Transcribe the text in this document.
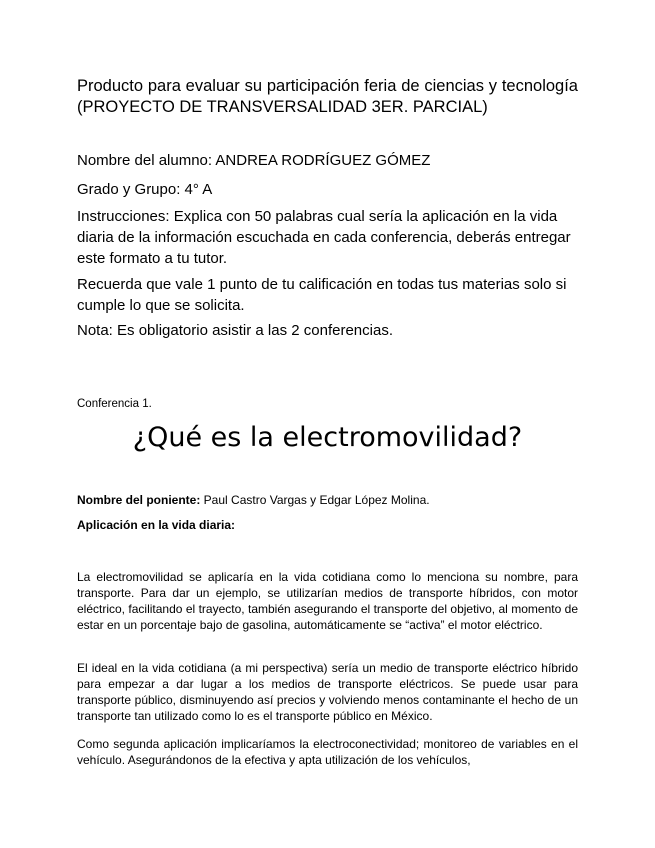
Producto para evaluar su participación feria de ciencias y tecnología (PROYECTO DE TRANSVERSALIDAD 3ER. PARCIAL)

Nombre del alumno: ANDREA RODRÍGUEZ GÓMEZ

Grado y Grupo: 4° A

Instrucciones: Explica con 50 palabras cual sería la aplicación en la vida diaria de la información escuchada en cada conferencia, deberás entregar este formato a tu tutor.

Recuerda que vale 1 punto de tu calificación en todas tus materias solo si cumple lo que se solicita.

Nota: Es obligatorio asistir a las 2 conferencias.

Conferencia 1.

¿Qué es la electromovilidad?

Nombre del poniente: Paul Castro Vargas y Edgar López Molina.

Aplicación en la vida diaria:

La electromovilidad se aplicaría en la vida cotidiana como lo menciona su nombre, para transporte. Para dar un ejemplo, se utilizarían medios de transporte híbridos, con motor eléctrico, facilitando el trayecto, también asegurando el transporte del objetivo, al momento de estar en un porcentaje bajo de gasolina, automáticamente se “activa” el motor eléctrico.

El ideal en la vida cotidiana (a mi perspectiva) sería un medio de transporte eléctrico híbrido para empezar a dar lugar a los medios de transporte eléctricos. Se puede usar para transporte público, disminuyendo así precios y volviendo menos contaminante el hecho de un transporte tan utilizado como lo es el transporte público en México.

Como segunda aplicación implicaríamos la electroconectividad; monitoreo de variables en el vehículo. Asegurándonos de la efectiva y apta utilización de los vehículos,
